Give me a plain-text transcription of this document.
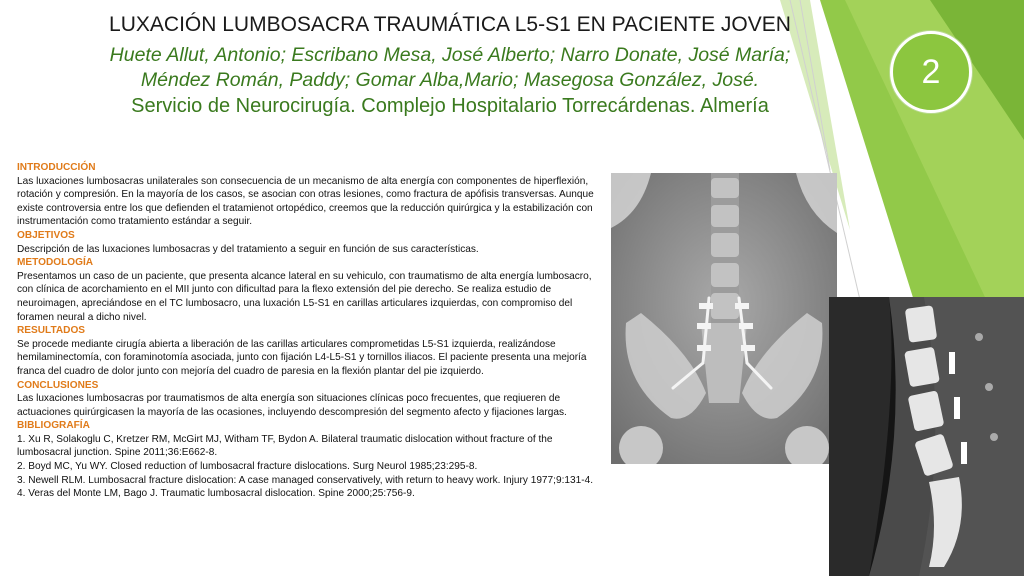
LUXACIÓN LUMBOSACRA TRAUMÁTICA L5-S1 EN PACIENTE JOVEN
Huete Allut, Antonio; Escribano Mesa, José Alberto; Narro Donate, José María;
Méndez Román, Paddy; Gomar Alba,Mario; Masegosa González, José.
Servicio de Neurocirugía. Complejo Hospitalario Torrecárdenas. Almería
2

INTRODUCCIÓN

Las luxaciones lumbosacras unilaterales son consecuencia de un mecanismo de alta energía con componentes de hiperflexión, rotación y compresión. En la mayoría de los casos, se asocian con otras lesiones, como fractura de apófisis transversas. Aunque existe controversia entre los que defienden el tratamienot ortopédico, creemos que la reducción quirúrgica y la estabilización con instrumentación como tratamiento estándar a seguir.

OBJETIVOS

Descripción de las luxaciones lumbosacras y del tratamiento a seguir en función de sus características.

METODOLOGÍA

Presentamos un caso de un paciente, que presenta alcance lateral en su vehiculo, con traumatismo de alta energía lumbosacro, con clínica de acorchamiento en el MII junto con dificultad para la flexo extensión del pie derecho. Se realiza estudio de neuroimagen, apreciándose en el TC lumbosacro, una luxación L5-S1 en carillas articulares izquierdas, con compromiso del foramen neural a dicho nivel.

RESULTADOS

Se procede mediante cirugía abierta a liberación de las carillas articulares comprometidas L5-S1 izquierda, realizándose hemilaminectomía, con foraminotomía asociada, junto con fijación L4-L5-S1 y tornillos iliacos. El paciente presenta una mejoría franca del cuadro de dolor junto con mejoría del cuadro de paresia en la flexión plantar del pie izquierdo.

CONCLUSIONES

Las luxaciones lumbosacras por traumatismos de alta energía son situaciones clínicas poco frecuentes, que reqiueren de actuaciones quirúrgicasen la mayoría de las ocasiones, incluyendo descompresión del segmento afecto y fijaciones largas.

BIBLIOGRAFÍA

1. Xu R, Solakoglu C, Kretzer RM, McGirt MJ, Witham TF, Bydon A. Bilateral traumatic dislocation without fracture of the lumbosacral junction. Spine 2011;36:E662-8.

2. Boyd MC, Yu WY. Closed reduction of lumbosacral fracture dislocations. Surg Neurol 1985;23:295-8.

3. Newell RLM. Lumbosacral fracture dislocation: A case managed conservatively, with return to heavy work. Injury 1977;9:131-4.

4. Veras del Monte LM, Bago J. Traumatic lumbosacral dislocation. Spine 2000;25:756-9.
